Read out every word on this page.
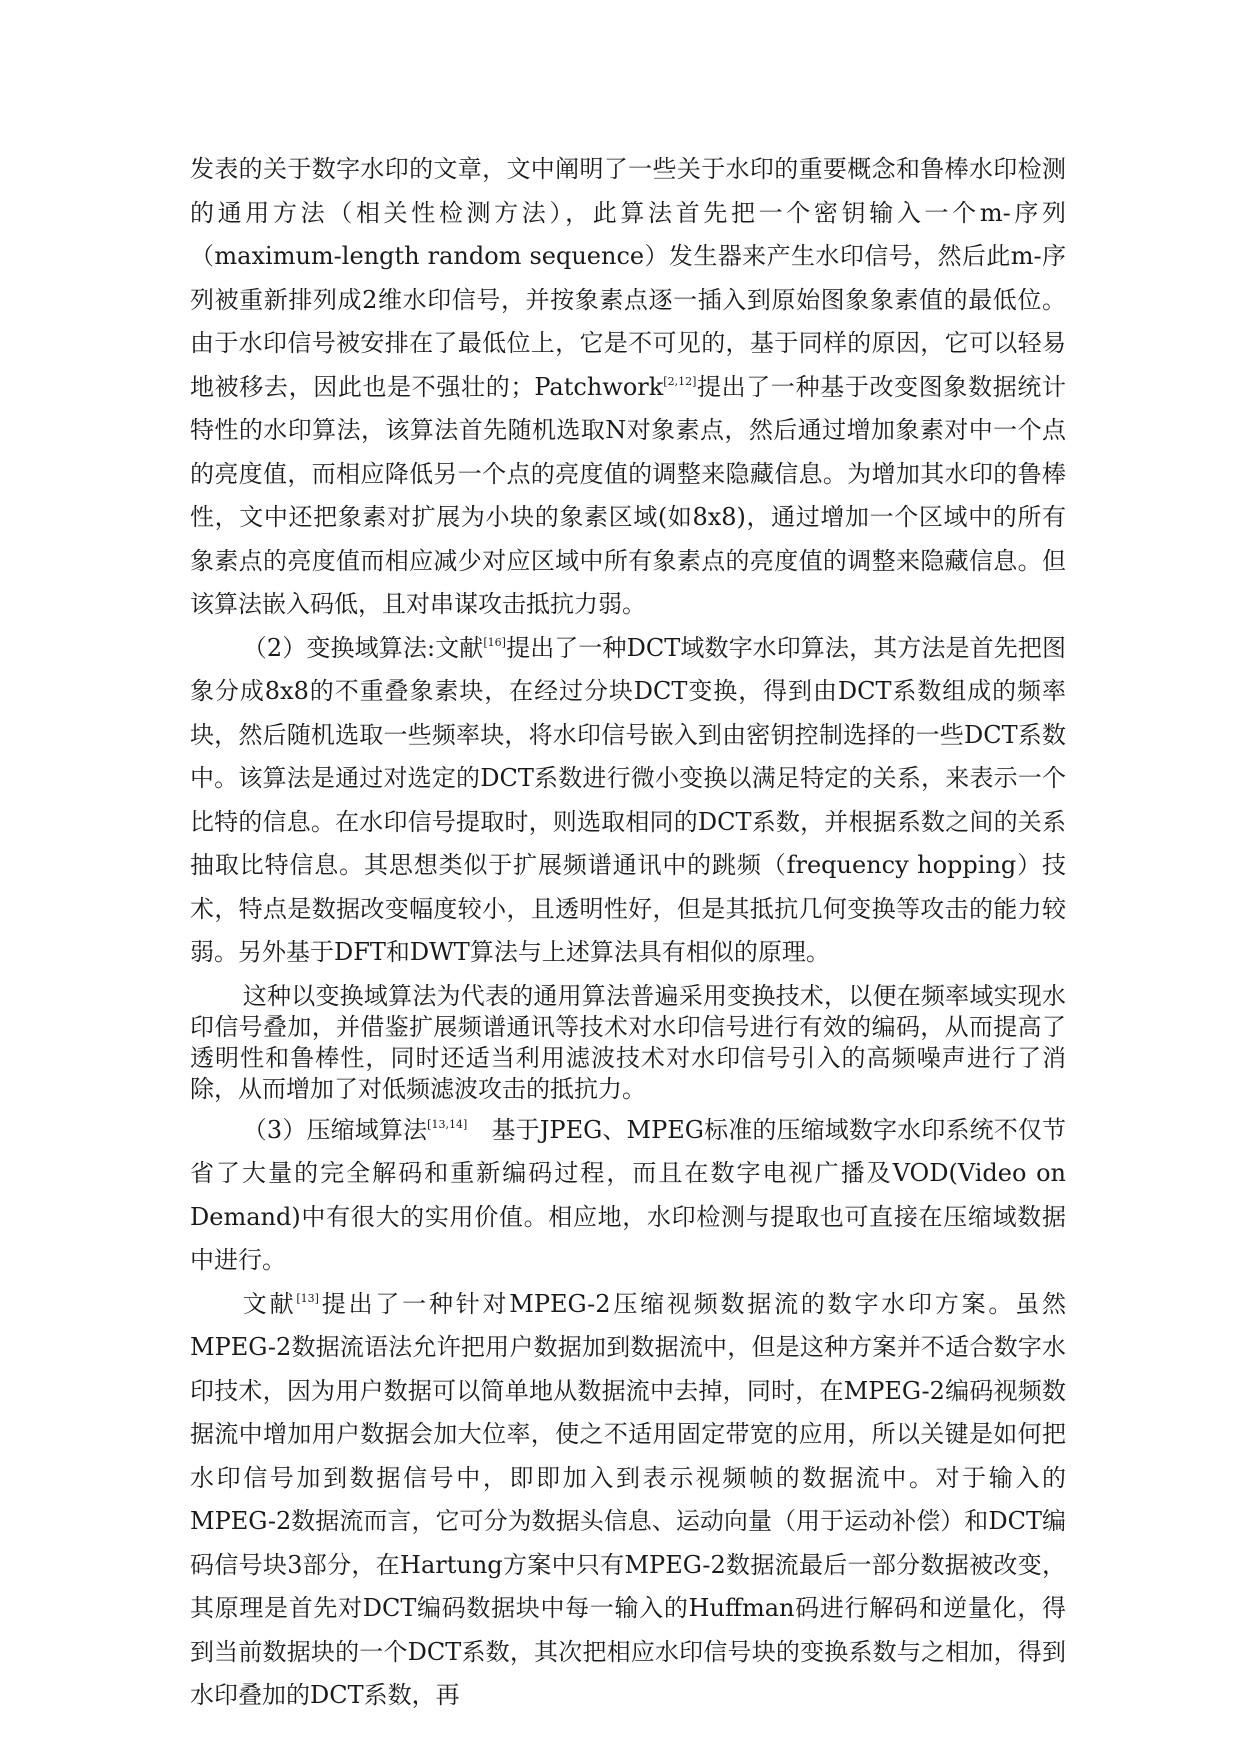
发表的关于数字水印的文章，文中阐明了一些关于水印的重要概念和鲁棒水印检测的通用方法（相关性检测方法），此算法首先把一个密钥输入一个m-序列（maximum-length random sequence）发生器来产生水印信号，然后此m-序列被重新排列成2维水印信号，并按象素点逐一插入到原始图象象素值的最低位。由于水印信号被安排在了最低位上，它是不可见的，基于同样的原因，它可以轻易地被移去，因此也是不强壮的；Patchwork[2,12]提出了一种基于改变图象数据统计特性的水印算法，该算法首先随机选取N对象素点，然后通过增加象素对中一个点的亮度值，而相应降低另一个点的亮度值的调整来隐藏信息。为增加其水印的鲁棒性，文中还把象素对扩展为小块的象素区域(如8x8)，通过增加一个区域中的所有象素点的亮度值而相应减少对应区域中所有象素点的亮度值的调整来隐藏信息。但该算法嵌入码低，且对串谋攻击抵抗力弱。

（2）变换域算法:文献[16]提出了一种DCT域数字水印算法，其方法是首先把图象分成8x8的不重叠象素块，在经过分块DCT变换，得到由DCT系数组成的频率块，然后随机选取一些频率块，将水印信号嵌入到由密钥控制选择的一些DCT系数中。该算法是通过对选定的DCT系数进行微小变换以满足特定的关系，来表示一个比特的信息。在水印信号提取时，则选取相同的DCT系数，并根据系数之间的关系抽取比特信息。其思想类似于扩展频谱通讯中的跳频（frequency hopping）技术，特点是数据改变幅度较小，且透明性好，但是其抵抗几何变换等攻击的能力较弱。另外基于DFT和DWT算法与上述算法具有相似的原理。

这种以变换域算法为代表的通用算法普遍采用变换技术，以便在频率域实现水印信号叠加，并借鉴扩展频谱通讯等技术对水印信号进行有效的编码，从而提高了透明性和鲁棒性，同时还适当利用滤波技术对水印信号引入的高频噪声进行了消除，从而增加了对低频滤波攻击的抵抗力。

（3）压缩域算法[13,14]　基于JPEG、MPEG标准的压缩域数字水印系统不仅节省了大量的完全解码和重新编码过程，而且在数字电视广播及VOD(Video on Demand)中有很大的实用价值。相应地，水印检测与提取也可直接在压缩域数据中进行。

文献[13]提出了一种针对MPEG-2压缩视频数据流的数字水印方案。虽然MPEG-2数据流语法允许把用户数据加到数据流中，但是这种方案并不适合数字水印技术，因为用户数据可以简单地从数据流中去掉，同时，在MPEG-2编码视频数据流中增加用户数据会加大位率，使之不适用固定带宽的应用，所以关键是如何把水印信号加到数据信号中，即即加入到表示视频帧的数据流中。对于输入的MPEG-2数据流而言，它可分为数据头信息、运动向量（用于运动补偿）和DCT编码信号块3部分，在Hartung方案中只有MPEG-2数据流最后一部分数据被改变，其原理是首先对DCT编码数据块中每一输入的Huffman码进行解码和逆量化，得到当前数据块的一个DCT系数，其次把相应水印信号块的变换系数与之相加，得到水印叠加的DCT系数，再
